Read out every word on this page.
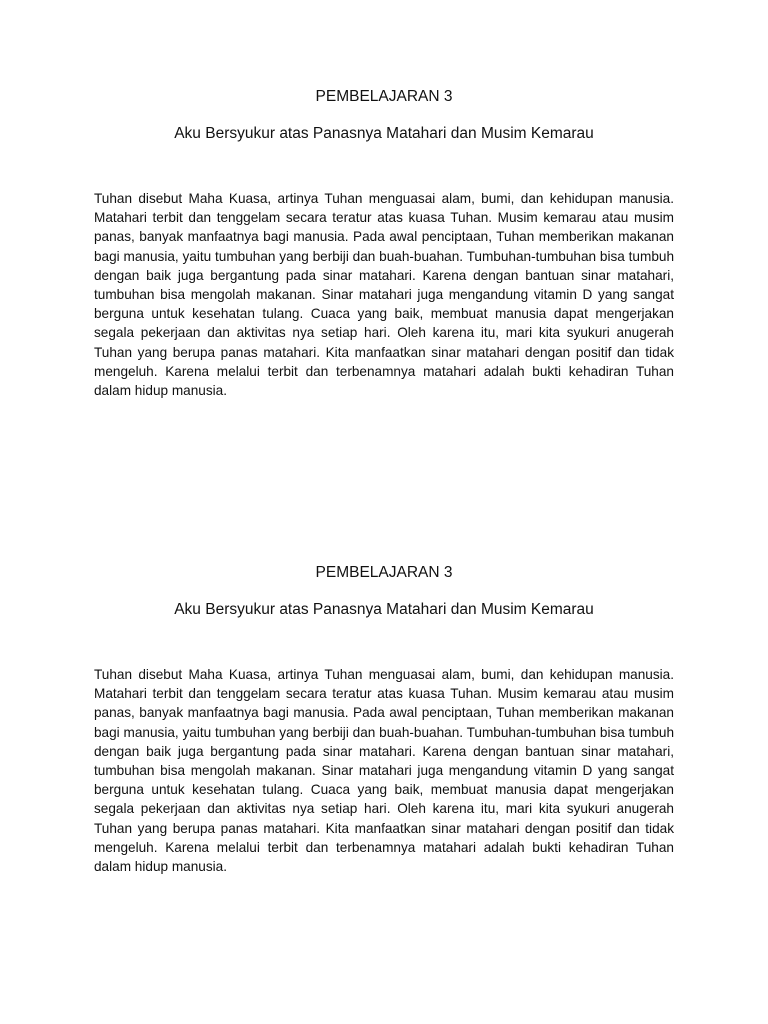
PEMBELAJARAN 3
Aku Bersyukur atas Panasnya Matahari dan Musim Kemarau

Tuhan disebut Maha Kuasa, artinya Tuhan menguasai alam, bumi, dan kehidupan manusia. Matahari terbit dan tenggelam secara teratur atas kuasa Tuhan. Musim kemarau atau musim panas, banyak manfaatnya bagi manusia. Pada awal penciptaan, Tuhan memberikan makanan bagi manusia, yaitu tumbuhan yang berbiji dan buah-buahan. Tumbuhan-tumbuhan bisa tumbuh dengan baik juga bergantung pada sinar matahari. Karena dengan bantuan sinar matahari, tumbuhan bisa mengolah makanan. Sinar matahari juga mengandung vitamin D yang sangat berguna untuk kesehatan tulang. Cuaca yang baik, membuat manusia dapat mengerjakan segala pekerjaan dan aktivitas nya setiap hari. Oleh karena itu, mari kita syukuri anugerah Tuhan yang berupa panas matahari. Kita manfaatkan sinar matahari dengan positif dan tidak mengeluh. Karena melalui terbit dan terbenamnya matahari adalah bukti kehadiran Tuhan dalam hidup manusia.

PEMBELAJARAN 3
Aku Bersyukur atas Panasnya Matahari dan Musim Kemarau

Tuhan disebut Maha Kuasa, artinya Tuhan menguasai alam, bumi, dan kehidupan manusia. Matahari terbit dan tenggelam secara teratur atas kuasa Tuhan. Musim kemarau atau musim panas, banyak manfaatnya bagi manusia. Pada awal penciptaan, Tuhan memberikan makanan bagi manusia, yaitu tumbuhan yang berbiji dan buah-buahan. Tumbuhan-tumbuhan bisa tumbuh dengan baik juga bergantung pada sinar matahari. Karena dengan bantuan sinar matahari, tumbuhan bisa mengolah makanan. Sinar matahari juga mengandung vitamin D yang sangat berguna untuk kesehatan tulang. Cuaca yang baik, membuat manusia dapat mengerjakan segala pekerjaan dan aktivitas nya setiap hari. Oleh karena itu, mari kita syukuri anugerah Tuhan yang berupa panas matahari. Kita manfaatkan sinar matahari dengan positif dan tidak mengeluh. Karena melalui terbit dan terbenamnya matahari adalah bukti kehadiran Tuhan dalam hidup manusia.
